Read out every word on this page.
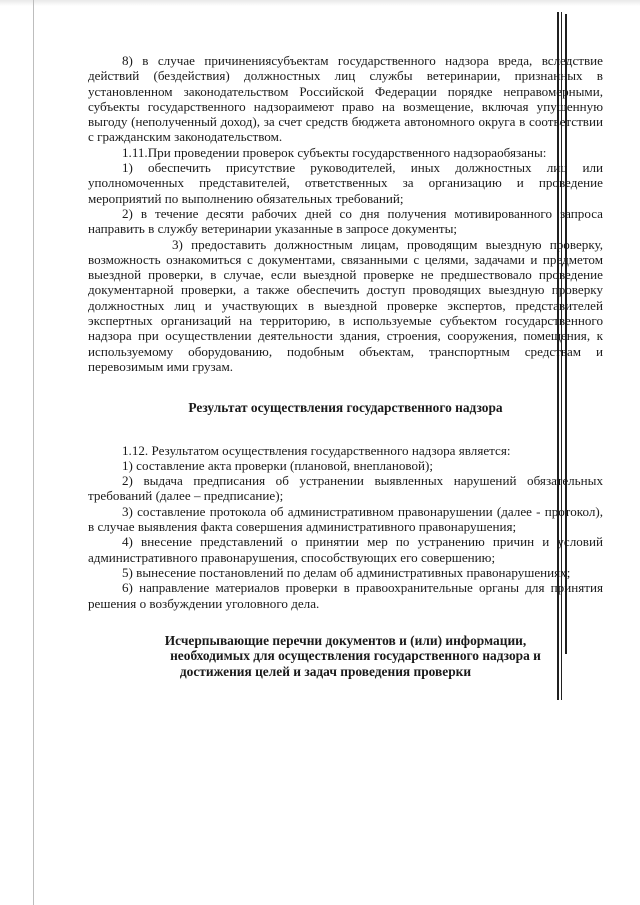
8) в случае причинениясубъектам государственного надзора вреда, вследствие действий (бездействия) должностных лиц службы ветеринарии, признанных в установленном законодательством Российской Федерации порядке неправомерными, субъекты государственного надзораимеют право на возмещение, включая упущенную выгоду (неполученный доход), за счет средств бюджета автономного округа в соответствии с гражданским законодательством.

1.11.При проведении проверок субъекты государственного надзораобязаны:

1) обеспечить присутствие руководителей, иных должностных лиц или уполномоченных представителей, ответственных за организацию и проведение мероприятий по выполнению обязательных требований;

2) в течение десяти рабочих дней со дня получения мотивированного запроса направить в службу ветеринарии указанные в запросе документы;

3) предоставить должностным лицам, проводящим выездную проверку, возможность ознакомиться с документами, связанными с целями, задачами и предметом выездной проверки, в случае, если выездной проверке не предшествовало проведение документарной проверки, а также обеспечить доступ проводящих выездную проверку должностных лиц и участвующих в выездной проверке экспертов, представителей экспертных организаций на территорию, в используемые субъектом государственного надзора при осуществлении деятельности здания, строения, сооружения, помещения, к используемому оборудованию, подобным объектам, транспортным средствам и перевозимым ими грузам.

Результат осуществления государственного надзора

1.12. Результатом осуществления государственного надзора является:

1) составление акта проверки (плановой, внеплановой);

2) выдача предписания об устранении выявленных нарушений обязательных требований (далее – предписание);

3) составление протокола об административном правонарушении (далее - протокол), в случае выявления факта совершения административного правонарушения;

4) внесение представлений о принятии мер по устранению причин и условий административного правонарушения, способствующих его совершению;

5) вынесение постановлений по делам об административных правонарушениях;

6) направление материалов проверки в правоохранительные органы для принятия решения о возбуждении уголовного дела.

Исчерпывающие перечни документов и (или) информации,
необходимых для осуществления государственного надзора и
достижения целей и задач проведения проверки
